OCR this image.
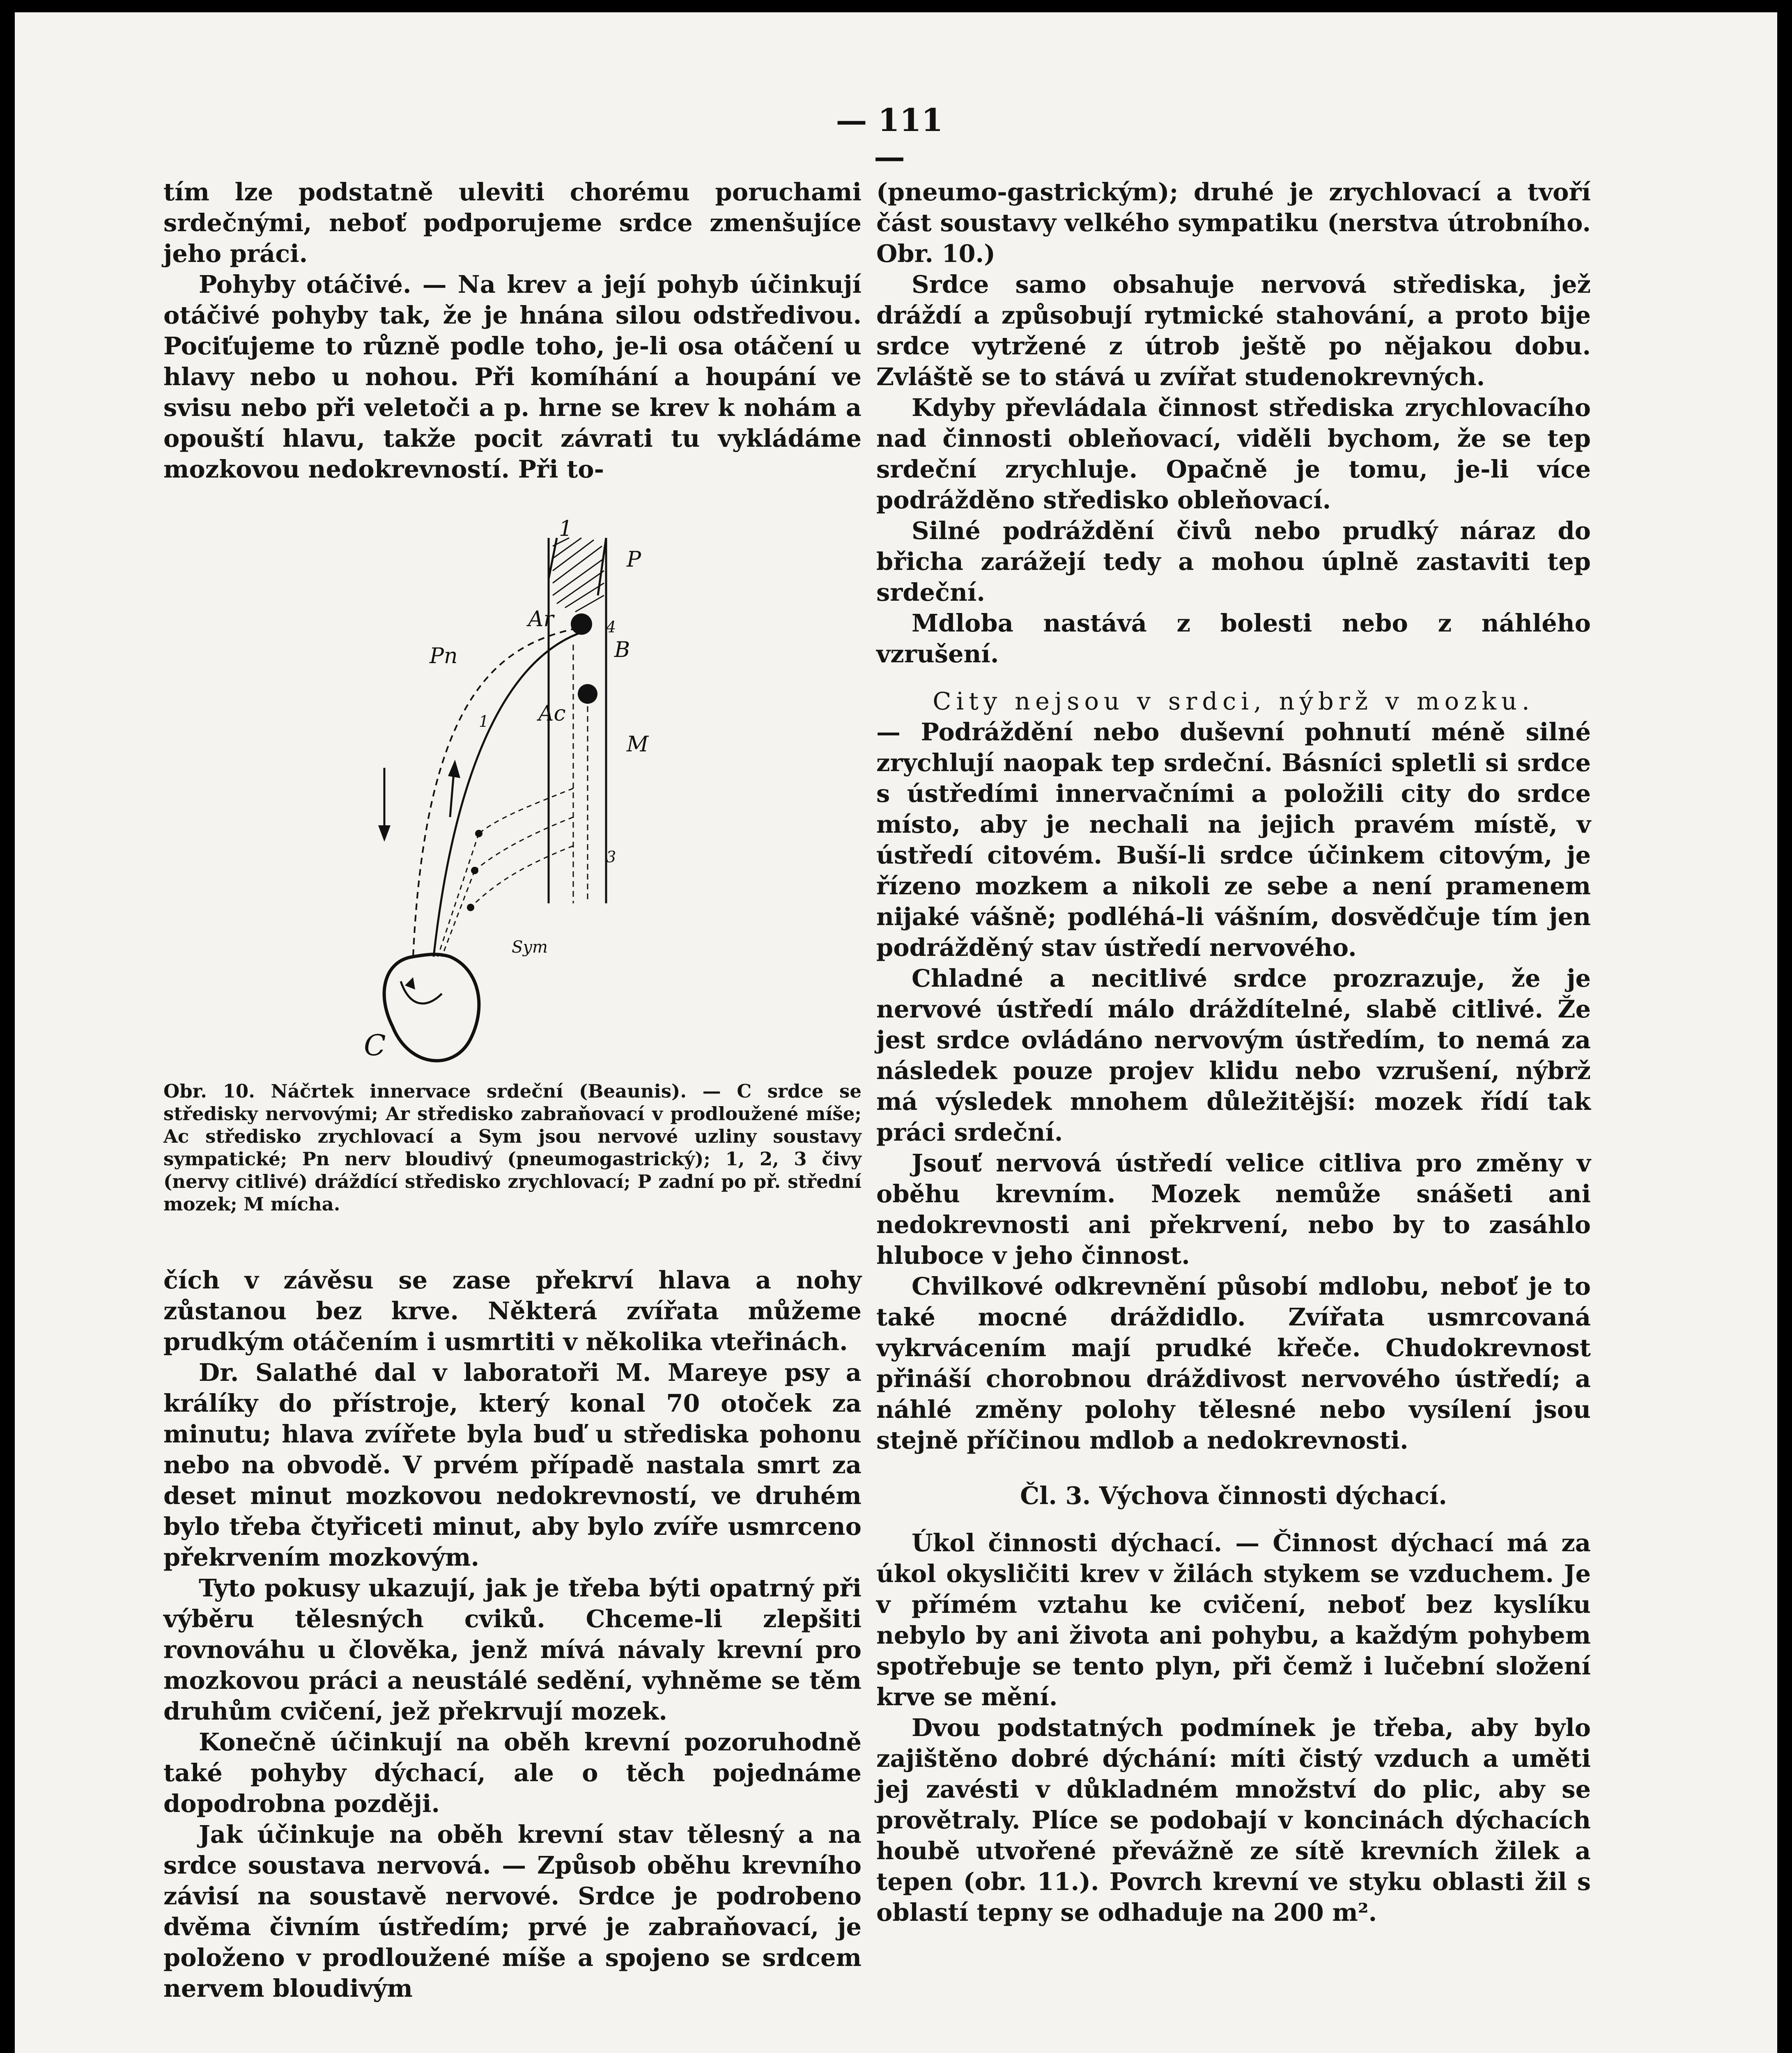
— 111 —

tím lze podstatně uleviti chorému poruchami srdečnými, neboť podporujeme srdce zmenšujíce jeho práci.

Pohyby otáčivé. — Na krev a její pohyb účinkují otáčivé pohyby tak, že je hnána silou odstředivou. Pociťujeme to různě podle toho, je-li osa otáčení u hlavy nebo u nohou. Při komíhání a houpání ve svisu nebo při veletoči a p. hrne se krev k nohám a opouští hlavu, takže pocit závrati tu vykládáme mozkovou nedokrevností. Při to-

1
P
Ar	4
B
Pn
1 Ac
M
3
Sym
C

Obr. 10. Náčrtek innervace srdeční (Beaunis). — C srdce se středisky nervovými; Ar středisko zabraňovací v prodloužené míše; Ac středisko zrychlovací a Sym jsou nervové uzliny soustavy sympatické; Pn nerv bloudivý (pneumogastrický); 1, 2, 3 čivy (nervy citlivé) dráždící středisko zrychlovací; P zadní po př. střední mozek; M mícha.

čích v závěsu se zase překrví hlava a nohy zůstanou bez krve. Některá zvířata můžeme prudkým otáčením i usmrtiti v několika vteřinách.

Dr. Salathé dal v laboratoři M. Mareye psy a králíky do přístroje, který konal 70 otoček za minutu; hlava zvířete byla buď u střediska pohonu nebo na obvodě. V prvém případě nastala smrt za deset minut mozkovou nedokrevností, ve druhém bylo třeba čtyřiceti minut, aby bylo zvíře usmrceno překrvením mozkovým.

Tyto pokusy ukazují, jak je třeba býti opatrný při výběru tělesných cviků. Chceme-li zlepšiti rovnováhu u člověka, jenž mívá návaly krevní pro mozkovou práci a neustálé sedění, vyhněme se těm druhům cvičení, jež překrvují mozek.

Konečně účinkují na oběh krevní pozoruhodně také pohyby dýchací, ale o těch pojednáme dopodrobna později.

Jak účinkuje na oběh krevní stav tělesný a na srdce soustava nervová. — Způsob oběhu krevního závisí na soustavě nervové. Srdce je podrobeno dvěma čivním ústředím; prvé je zabraňovací, je položeno v prodloužené míše a spojeno se srdcem nervem bloudivým

(pneumo-gastrickým); druhé je zrychlovací a tvoří část soustavy velkého sympatiku (nerstva útrobního. Obr. 10.)

Srdce samo obsahuje nervová střediska, jež dráždí a způsobují rytmické stahování, a proto bije srdce vytržené z útrob ještě po nějakou dobu. Zvláště se to stává u zvířat studenokrevných.

Kdyby převládala činnost střediska zrychlovacího nad činnosti obleňovací, viděli bychom, že se tep srdeční zrychluje. Opačně je tomu, je-li více podrážděno středisko obleňovací.

Silné podráždění čivů nebo prudký náraz do břicha zarážejí tedy a mohou úplně zastaviti tep srdeční.

Mdloba nastává z bolesti nebo z náhlého vzrušení.

City nejsou v srdci, nýbrž v mozku.

— Podráždění nebo duševní pohnutí méně silné zrychlují naopak tep srdeční. Básníci spletli si srdce s ústředími innervačními a položili city do srdce místo, aby je nechali na jejich pravém místě, v ústředí citovém. Buší-li srdce účinkem citovým, je řízeno mozkem a nikoli ze sebe a není pramenem nijaké vášně; podléhá-li vášním, dosvědčuje tím jen podrážděný stav ústředí nervového.

Chladné a necitlivé srdce prozrazuje, že je nervové ústředí málo dráždítelné, slabě citlivé. Že jest srdce ovládáno nervovým ústředím, to nemá za následek pouze projev klidu nebo vzrušení, nýbrž má výsledek mnohem důležitější: mozek řídí tak práci srdeční.

Jsouť nervová ústředí velice citliva pro změny v oběhu krevním. Mozek nemůže snášeti ani nedokrevnosti ani překrvení, nebo by to zasáhlo hluboce v jeho činnost.

Chvilkové odkrevnění působí mdlobu, neboť je to také mocné dráždidlo. Zvířata usmrcovaná vykrvácením mají prudké křeče. Chudokrevnost přináší chorobnou dráždivost nervového ústředí; a náhlé změny polohy tělesné nebo vysílení jsou stejně příčinou mdlob a nedokrevnosti.

Čl. 3. Výchova činnosti dýchací.

Úkol činnosti dýchací. — Činnost dýchací má za úkol okysličiti krev v žilách stykem se vzduchem. Je v přímém vztahu ke cvičení, neboť bez kyslíku nebylo by ani života ani pohybu, a každým pohybem spotřebuje se tento plyn, při čemž i lučební složení krve se mění.

Dvou podstatných podmínek je třeba, aby bylo zajištěno dobré dýchání: míti čistý vzduch a uměti jej zavésti v důkladném množství do plic, aby se provětraly. Plíce se podobají v koncinách dýchacích houbě utvořené převážně ze sítě krevních žilek a tepen (obr. 11.). Povrch krevní ve styku oblasti žil s oblastí tepny se odhaduje na 200 m².
